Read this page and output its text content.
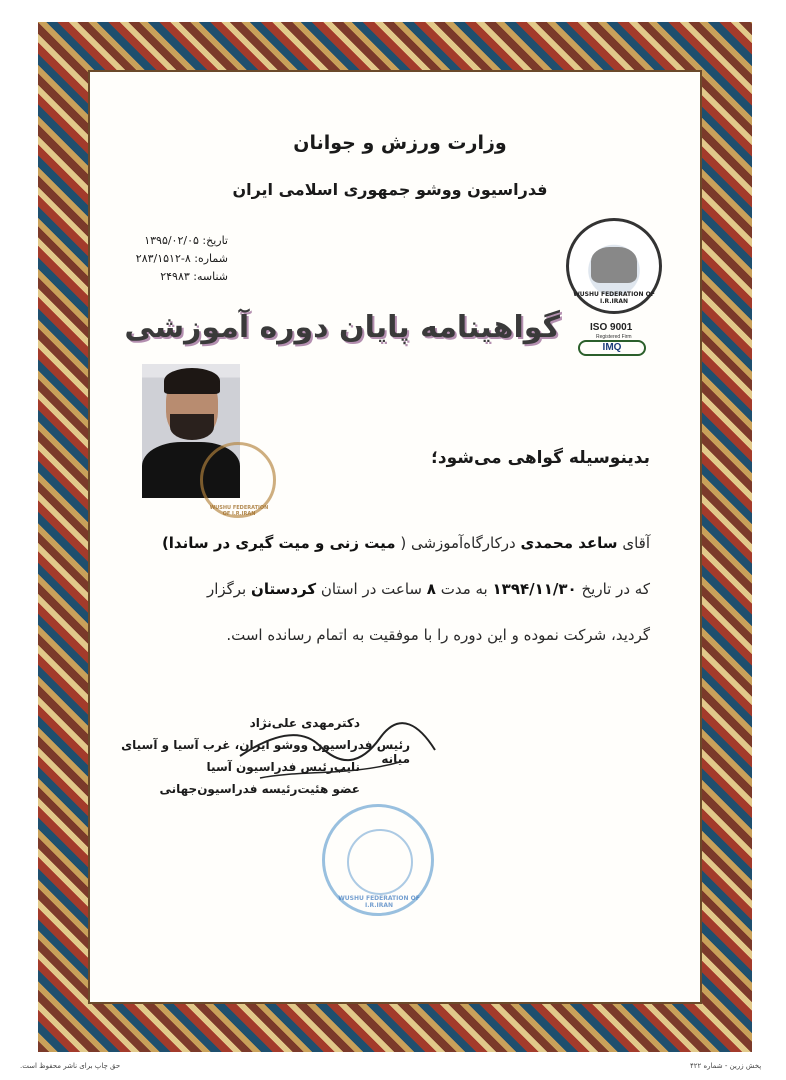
وزارت ورزش و جوانان
فدراسیون ووشو جمهوری اسلامی ایران
تاریخ: ۱۳۹۵/۰۲/۰۵
شماره: ۸-۲۸۳/۱۵۱۲
شناسه: ۲۴۹۸۳
WUSHU FEDERATION OF I.R.IRAN
ISO 9001
Registered Firm
IMQ
گواهینامه پایان دوره آموزشی
WUSHU FEDERATION OF I.R.IRAN
بدینوسیله گواهی می‌شود؛
آقای ساعد محمدی درکارگاه‌آموزشی ( میت زنی و میت گیری در ساندا)
که در تاریخ ۱۳۹۴/۱۱/۳۰ به مدت ۸ ساعت در استان کردستان برگزار
گردید، شرکت نموده و این دوره را با موفقیت به اتمام رسانده است.
دکترمهدی علی‌نژاد
رئیس فدراسیون ووشو ایران، غرب آسیا و آسیای میانه
نایب‌رئیس فدراسیون آسیا
عضو هئیت‌رئیسه فدراسیون‌جهانی
WUSHU FEDERATION OF I.R.IRAN
حق چاپ برای ناشر محفوظ است.	پخش زرین - شماره ۴۲۲
